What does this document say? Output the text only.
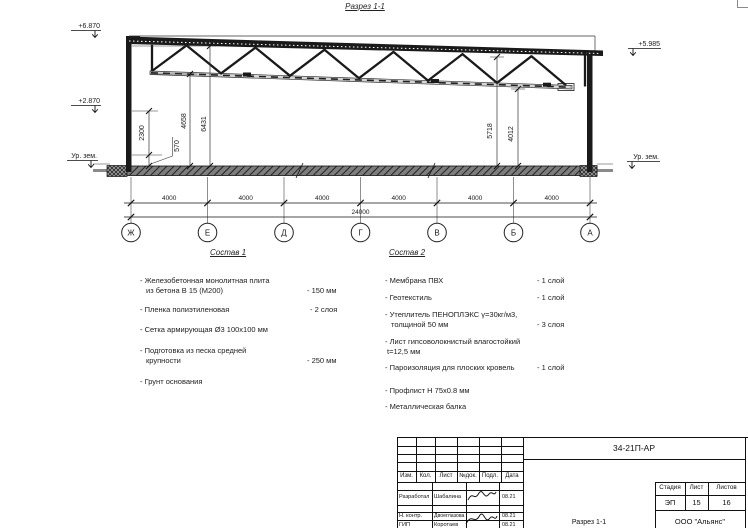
Разрез 1-1
+6.870
+2.870
Ур. зем.
+5.985
Ур. зем.
2300
570
4658 6431	5718 4012
4000	4000	4000	4000	4000	4000
24000
Ж	Е	Д	Г	В	Б	А
Состав 1
- Железобетонная монолитная плита
из бетона В 15 (М200)	- 150 мм
- Пленка полиэтиленовая	- 2 слоя
- Сетка армирующая Ø3 100х100 мм
- Подготовка из песка средней
крупности	- 250 мм
- Грунт основания
Состав 2
- Мембрана ПВХ	- 1 слой
- Геотекстиль	- 1 слой
- Утеплитель ПЕНОПЛЭКС γ=30кг/м3,
толщиной 50 мм	- 3 слоя
- Лист гипсоволокнистый влагостойкий
t=12,5 мм
- Пароизоляция для плоских кровель	- 1 слой
- Профлист Н 75х0.8 мм
- Металлическая балка
34-21П-АР
Изм.	Кол.	Лист	№док. Подл.	Дата
Разработал Шабалина	08.21
Н. контр. Двоеглазова	08.21
ГИП	Коротаев	08.21
Стадия	Лист	Листов
ЭП	15	16
Разрез 1-1	ООО "Альянс"
